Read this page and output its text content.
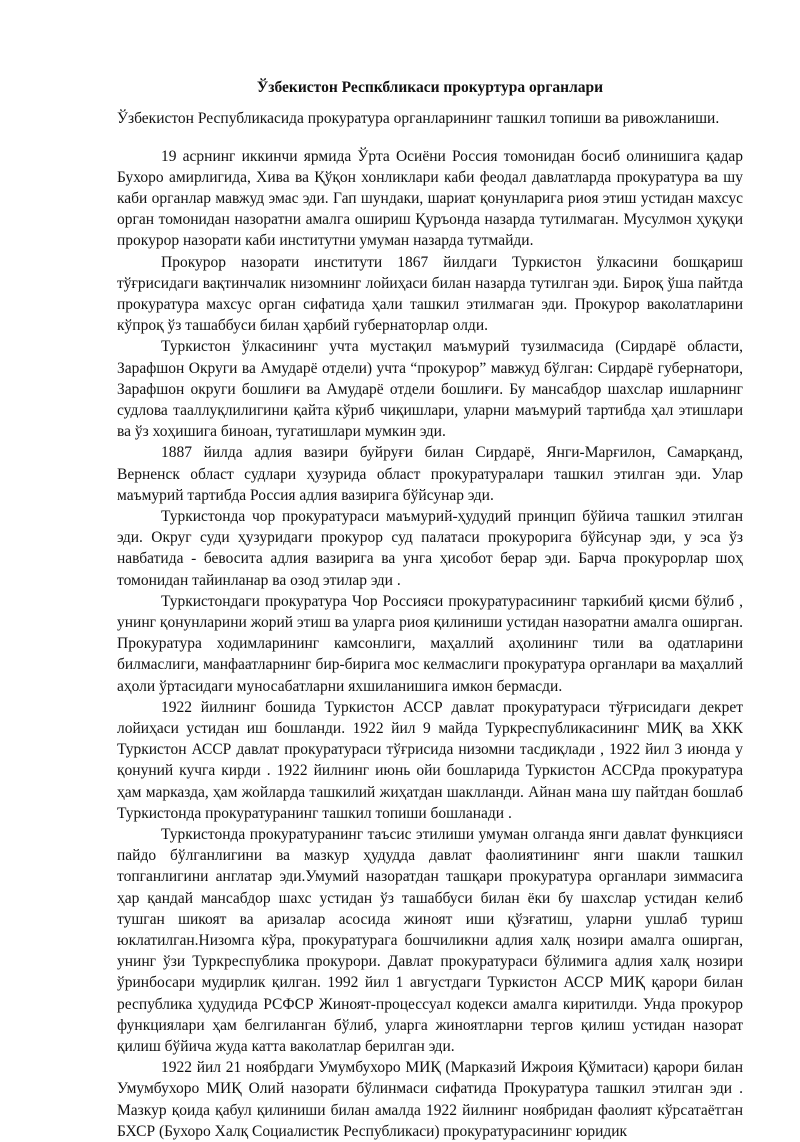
Ўзбекистон Респкбликаси прокуртура органлари

Ўзбекистон Республикасида прокуратура органларининг ташкил топиши ва ривожланиши.

19 асрнинг иккинчи ярмида Ўрта Осиёни Россия томонидан босиб олинишига қадар Бухоро амирлигида, Хива ва Қўқон хонликлари каби феодал давлатларда прокуратура ва шу каби органлар мавжуд эмас эди. Гап шундаки, шариат қонунларига риоя этиш устидан махсус орган томонидан назоратни амалга ошириш Қуръонда назарда тутилмаган. Мусулмон ҳуқуқи прокурор назорати каби институтни умуман назарда тутмайди.

Прокурор назорати институти 1867 йилдаги Туркистон ўлкасини бошқариш тўғрисидаги вақтинчалик низомнинг лойиҳаси билан назарда тутилган эди. Бироқ ўша пайтда прокуратура махсус орган сифатида ҳали ташкил этилмаган эди. Прокурор ваколатларини кўпроқ ўз ташаббуси билан ҳарбий губернаторлар олди.

Туркистон ўлкасининг учта мустақил маъмурий тузилмасида (Сирдарё области, Зарафшон Округи ва Амударё отдели) учта “прокурор” мавжуд бўлган: Сирдарё губернатори, Зарафшон округи бошлиғи ва Амударё отдели бошлиғи. Бу мансабдор шахслар ишларнинг судлова тааллуқлилигини қайта кўриб чиқишлари, уларни маъмурий тартибда ҳал этишлари ва ўз хоҳишига биноан, тугатишлари мумкин эди.

1887 йилда адлия вазири буйруғи билан Сирдарё, Янги-Марғилон, Самарқанд, Верненск област судлари ҳузурида област прокуратуралари ташкил этилган эди. Улар маъмурий тартибда Россия адлия вазирига бўйсунар эди.

Туркистонда чор прокуратураси маъмурий-ҳудудий принцип бўйича ташкил этилган эди. Округ суди ҳузуридаги прокурор суд палатаси прокурорига бўйсунар эди, у эса ўз навбатида - бевосита адлия вазирига ва унга ҳисобот берар эди. Барча прокурорлар шоҳ томонидан тайинланар ва озод этилар эди .

Туркистондаги прокуратура Чор Россияси прокуратурасининг таркибий қисми бўлиб , унинг қонунларини жорий этиш ва уларга риоя қилиниши устидан назоратни амалга оширган. Прокуратура ходимларининг камсонлиги, маҳаллий аҳолининг тили ва одатларини билмаслиги, манфаатларнинг бир-бирига мос келмаслиги прокуратура органлари ва маҳаллий аҳоли ўртасидаги муносабатларни яхшиланишига имкон бермасди.

1922 йилнинг бошида Туркистон АССР давлат прокуратураси тўғрисидаги декрет лойиҳаси устидан иш бошланди. 1922 йил 9 майда Туркреспубликасининг МИҚ ва ХКК Туркистон АССР давлат прокуратураси тўғрисида низомни тасдиқлади , 1922 йил 3 июнда у қонуний кучга кирди . 1922 йилнинг июнь ойи бошларида Туркистон АССРда прокуратура ҳам марказда, ҳам жойларда ташкилий жиҳатдан шаклланди. Айнан мана шу пайтдан бошлаб Туркистонда прокуратуранинг ташкил топиши бошланади .

Туркистонда прокуратуранинг таъсис этилиши умуман олганда янги давлат функцияси пайдо бўлганлигини ва мазкур ҳудудда давлат фаолиятининг янги шакли ташкил топганлигини англатар эди.Умумий назоратдан ташқари прокуратура органлари зиммасига ҳар қандай мансабдор шахс устидан ўз ташаббуси билан ёки бу шахслар устидан келиб тушган шикоят ва аризалар асосида жиноят иши қўзғатиш, уларни ушлаб туриш юклатилган.Низомга кўра, прокуратурага бошчиликни адлия халқ нозири амалга оширган, унинг ўзи Туркреспублика прокурори. Давлат прокуратураси бўлимига адлия халқ нозири ўринбосари мудирлик қилган. 1992 йил 1 августдаги Туркистон АССР МИҚ қарори билан республика ҳудудида РСФСР Жиноят-процессуал кодекси амалга киритилди. Унда прокурор функциялари ҳам белгиланган бўлиб, уларга жиноятларни тергов қилиш устидан назорат қилиш бўйича жуда катта ваколатлар берилган эди.

1922 йил 21 ноябрдаги Умумбухоро МИҚ (Марказий Ижроия Қўмитаси) қарори билан Умумбухоро МИҚ Олий назорати бўлинмаси сифатида Прокуратура ташкил этилган эди . Мазкур қоида қабул қилиниши билан амалда 1922 йилнинг ноябридан фаолият кўрсатаётган БХСР (Бухоро Халқ Социалистик Республикаси) прокуратурасининг юридик
